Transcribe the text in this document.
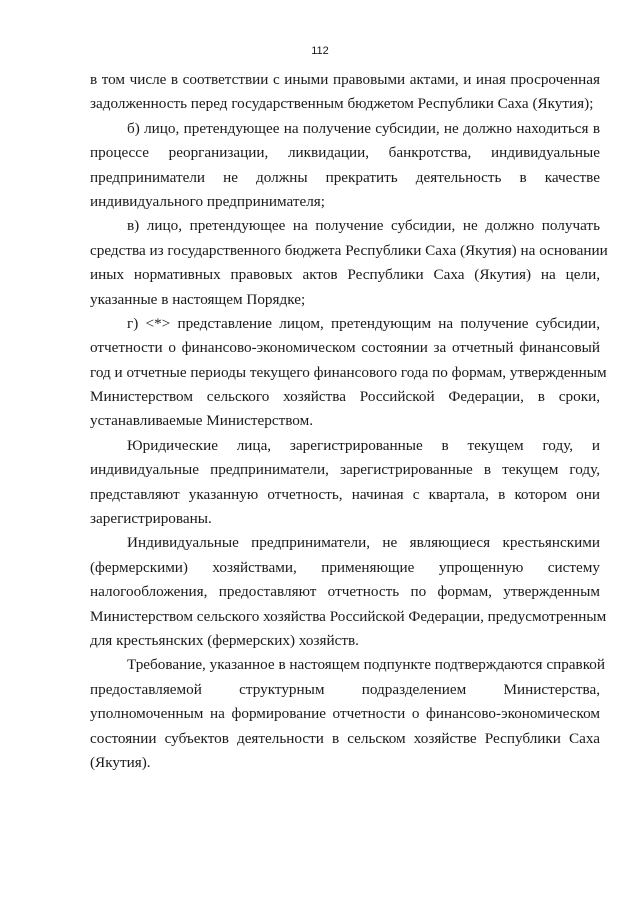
112
в том числе в соответствии с иными правовыми актами, и иная просроченная
задолженность перед государственным бюджетом Республики Саха (Якутия);
б) лицо, претендующее на получение субсидии, не должно находиться в
процессе реорганизации, ликвидации, банкротства, индивидуальные
предприниматели не должны прекратить деятельность в качестве
индивидуального предпринимателя;
в) лицо, претендующее на получение субсидии, не должно получать
средства из государственного бюджета Республики Саха (Якутия) на основании
иных нормативных правовых актов Республики Саха (Якутия) на цели,
указанные в настоящем Порядке;
г) <*> представление лицом, претендующим на получение субсидии,
отчетности о финансово-экономическом состоянии за отчетный финансовый
год и отчетные периоды текущего финансового года по формам, утвержденным
Министерством сельского хозяйства Российской Федерации, в сроки,
устанавливаемые Министерством.
Юридические лица, зарегистрированные в текущем году, и
индивидуальные предприниматели, зарегистрированные в текущем году,
представляют указанную отчетность, начиная с квартала, в котором они
зарегистрированы.
Индивидуальные предприниматели, не являющиеся крестьянскими
(фермерскими) хозяйствами, применяющие упрощенную систему
налогообложения, предоставляют отчетность по формам, утвержденным
Министерством сельского хозяйства Российской Федерации, предусмотренным
для крестьянских (фермерских) хозяйств.
Требование, указанное в настоящем подпункте подтверждаются справкой
предоставляемой структурным подразделением Министерства,
уполномоченным на формирование отчетности о финансово-экономическом
состоянии субъектов деятельности в сельском хозяйстве Республики Саха
(Якутия).
